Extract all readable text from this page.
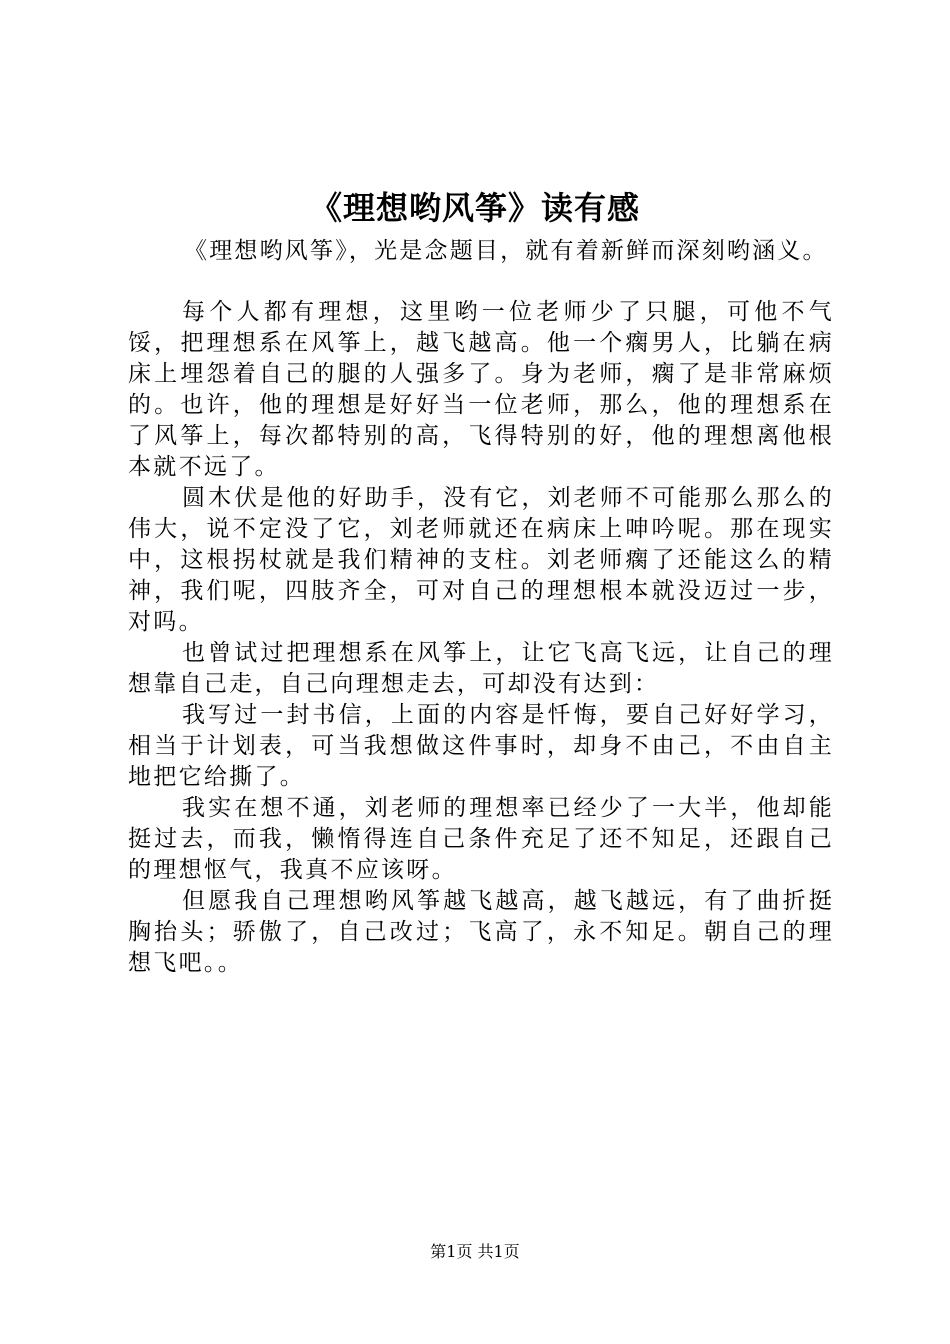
《理想哟风筝》读有感
《理想哟风筝》，光是念题目，就有着新鲜而深刻哟涵义。

每个人都有理想，这里哟一位老师少了只腿，可他不气馁，把理想系在风筝上，越飞越高。他一个瘸男人，比躺在病床上埋怨着自己的腿的人强多了。身为老师，瘸了是非常麻烦的。也许，他的理想是好好当一位老师，那么，他的理想系在了风筝上，每次都特别的高，飞得特别的好，他的理想离他根本就不远了。

圆木伏是他的好助手，没有它，刘老师不可能那么那么的伟大，说不定没了它，刘老师就还在病床上呻吟呢。那在现实中，这根拐杖就是我们精神的支柱。刘老师瘸了还能这么的精神，我们呢，四肢齐全，可对自己的理想根本就没迈过一步，对吗。

也曾试过把理想系在风筝上，让它飞高飞远，让自己的理想靠自己走，自己向理想走去，可却没有达到：

我写过一封书信，上面的内容是忏悔，要自己好好学习，相当于计划表，可当我想做这件事时，却身不由己，不由自主地把它给撕了。

我实在想不通，刘老师的理想率已经少了一大半，他却能挺过去，而我，懒惰得连自己条件充足了还不知足，还跟自己的理想怄气，我真不应该呀。

但愿我自己理想哟风筝越飞越高，越飞越远，有了曲折挺胸抬头；骄傲了，自己改过；飞高了，永不知足。朝自己的理想飞吧。。

第1页 共1页
